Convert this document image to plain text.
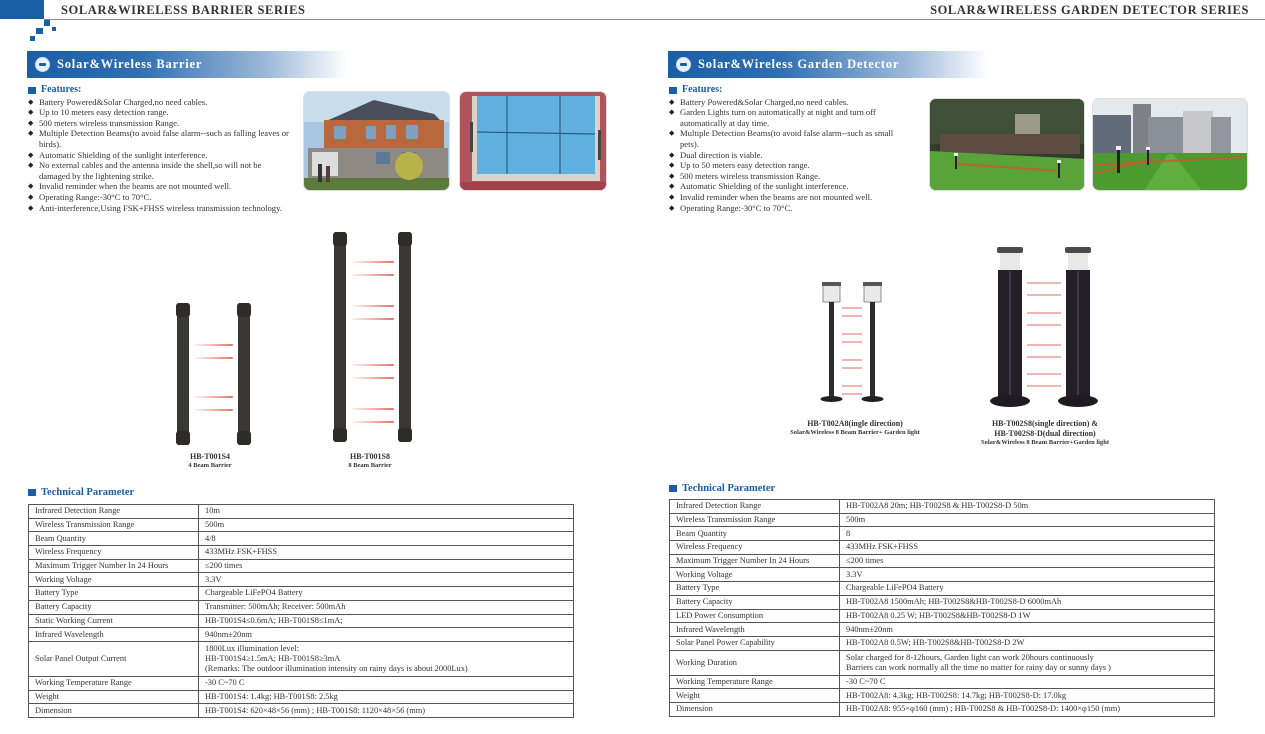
SOLAR&WIRELESS BARRIER SERIES	SOLAR&WIRELESS GARDEN DETECTOR SERIES
Solar&Wireless Barrier
Features:
◆ Battery Powered&Solar Charged,no need cables.
◆ Up to 10 meters easy detection range.
◆ 500 meters wireless transmission Range.
◆ Multiple Detection Beams(to avoid false alarm--such as falling leaves or birds).
◆ Automatic Shielding of the sunlight interference.
◆ No external cables and the antenna inside the shell,so will not be damaged by the lightening strike.
◆ Invalid reminder when the beams are not mounted well.
◆ Operating Range:-30°C to 70°C.
◆ Anti-interference,Using FSK+FHSS wireless transmission technology.
HB-T001S4
4 Beam Barrier
HB-T001S8
8 Beam Barrier
Technical Parameter
Infrared Detection Range	10m
Wireless Transmission Range	500m
Beam Quantity	4/8
Wireless Frequency	433MHz FSK+FHSS
Maximum Trigger Number In 24 Hours	≤200 times
Working Voltage	3.3V
Battery Type	Chargeable LiFePO4 Battery
Battery Capacity	Transmitter: 500mAh; Receiver: 500mAh
Static Working Current	HB-T001S4≤0.6mA; HB-T001S8≤1mA;
Infrared Wavelength	940nm±20nm
Solar Panel Output Current	1800Lux illumination level:
HB-T001S4≥1.5mA; HB-T001S8≥3mA
(Remarks: The outdoor illumination intensity on rainy days is about 2000Lux)

Working Temperature Range	-30 C~70 C
Weight	HB-T001S4: 1.4kg; HB-T001S8: 2.5kg
Dimension	HB-T001S4: 620×48×56 (mm) ; HB-T001S8: 1120×48×56 (mm)
Solar&Wireless Garden Detector
Features:
◆ Battery Powered&Solar Charged,no need cables.
◆ Garden Lights turn on automatically at night and turn off automatically at day time.
◆ Multiple Detection Beams(to avoid false alarm--such as small pets).
◆ Dual direction is viable.
◆ Up to 50 meters easy detection range.
◆ 500 meters wireless transmission Range.
◆ Automatic Shielding of the sunlight interference.
◆ Invalid reminder when the beams are not mounted well.
◆ Operating Range:-30°C to 70°C.
HB-T002A8(ingle direction)
Solar&Wireless 8 Beam Barrier+ Garden light
HB-T002S8(single direction) &
HB-T002S8-D(dual direction)
Solar&Wireless 8 Beam Barrier+Garden light
Technical Parameter
Infrared Detection Range	HB-T002A8 20m; HB-T002S8 & HB-T002S8-D 50m
Wireless Transmission Range	500m
Beam Quantity	8
Wireless Frequency	433MHz FSK+FHSS
Maximum Trigger Number In 24 Hours	≤200 times
Working Voltage	3.3V
Battery Type	Chargeable LiFePO4 Battery
Battery Capacity	HB-T002A8 1500mAh; HB-T002S8&HB-T002S8-D 6000mAh
LED Power Consumption	HB-T002A8 0.25 W; HB-T002S8&HB-T002S8-D 1W
Infrared Wavelength	940nm±20nm
Solar Panel Power Capability	HB-T002A8 0.5W; HB-T002S8&HB-T002S8-D 2W
Working Duration	Solar charged for 8-12hours, Garden light can work 20hours continuously
Barriers can work normally all the time no matter for rainy day or sunny days )

Working Temperature Range	-30 C~70 C
Weight	HB-T002A8: 4.3kg; HB-T002S8: 14.7kg; HB-T002S8-D: 17.0kg
Dimension	HB-T002A8: 955×φ160 (mm) ; HB-T002S8 & HB-T002S8-D: 1400×φ150 (mm)
